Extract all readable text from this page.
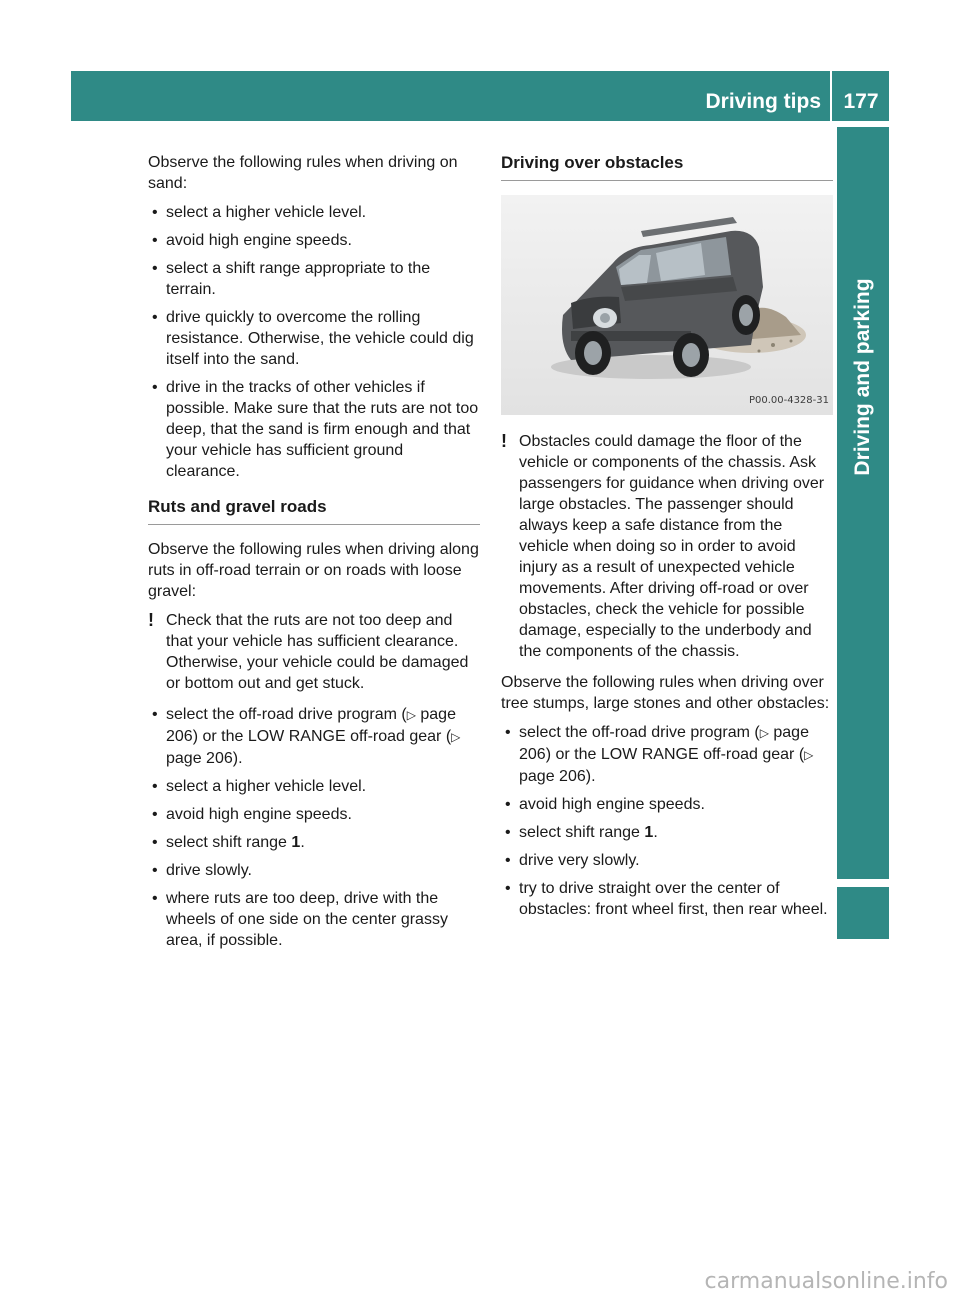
Driving tips 177
Driving and parking

Observe the following rules when driving on sand:

• select a higher vehicle level.
• avoid high engine speeds.
• select a shift range appropriate to the terrain.
• drive quickly to overcome the rolling resistance. Otherwise, the vehicle could dig itself into the sand.
• drive in the tracks of other vehicles if possible. Make sure that the ruts are not too deep, that the sand is firm enough and that your vehicle has sufficient ground clearance.
Ruts and gravel roads

Observe the following rules when driving along ruts in off-road terrain or on roads with loose gravel:

! Check that the ruts are not too deep and that your vehicle has sufficient clearance. Otherwise, your vehicle could be damaged or bottom out and get stuck.
• select the off-road drive program (▷ page 206) or the LOW RANGE off-road gear (▷ page 206).
• select a higher vehicle level.
• avoid high engine speeds.
• select shift range 1.
• drive slowly.
• where ruts are too deep, drive with the wheels of one side on the center grassy area, if possible.
Driving over obstacles
P00.00-4328-31
! Obstacles could damage the floor of the vehicle or components of the chassis. Ask passengers for guidance when driving over large obstacles. The passenger should always keep a safe distance from the vehicle when doing so in order to avoid injury as a result of unexpected vehicle movements. After driving off-road or over obstacles, check the vehicle for possible damage, especially to the underbody and the components of the chassis.

Observe the following rules when driving over tree stumps, large stones and other obstacles:

• select the off-road drive program (▷ page 206) or the LOW RANGE off-road gear (▷ page 206).
• avoid high engine speeds.
• select shift range 1.
• drive very slowly.
• try to drive straight over the center of obstacles: front wheel first, then rear wheel.
carmanualsonline.info
